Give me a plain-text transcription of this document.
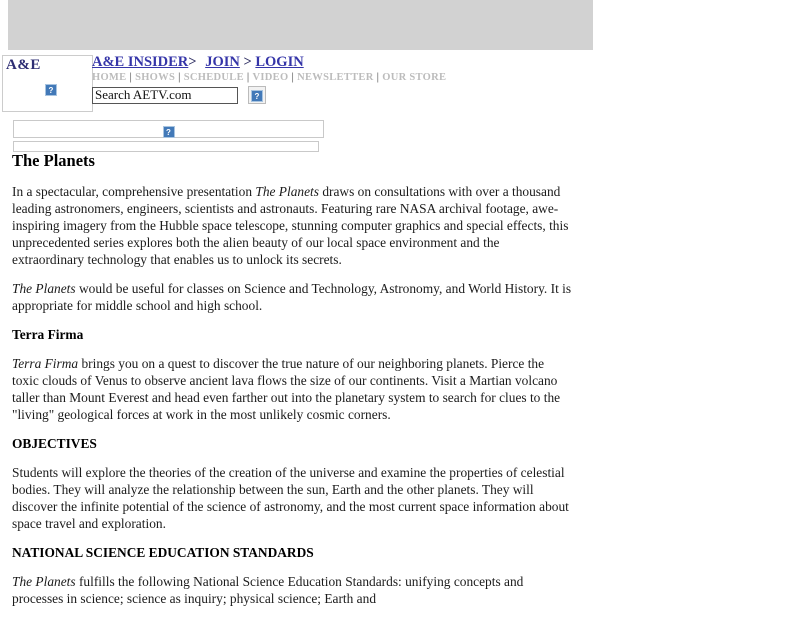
A&E
?
A&E INSIDER> JOIN > LOGIN
HOME | SHOWS | SCHEDULE | VIDEO | NEWSLETTER | OUR STORE
Search AETV.com ?
?
The Planets

In a spectacular, comprehensive presentation The Planets draws on consultations with over a thousand leading astronomers, engineers, scientists and astronauts. Featuring rare NASA archival footage, awe-inspiring imagery from the Hubble space telescope, stunning computer graphics and special effects, this unprecedented series explores both the alien beauty of our local space environment and the extraordinary technology that enables us to unlock its secrets.

The Planets would be useful for classes on Science and Technology, Astronomy, and World History. It is appropriate for middle school and high school.

Terra Firma

Terra Firma brings you on a quest to discover the true nature of our neighboring planets. Pierce the toxic clouds of Venus to observe ancient lava flows the size of our continents. Visit a Martian volcano taller than Mount Everest and head even farther out into the planetary system to search for clues to the "living" geological forces at work in the most unlikely cosmic corners.

OBJECTIVES

Students will explore the theories of the creation of the universe and examine the properties of celestial bodies. They will analyze the relationship between the sun, Earth and the other planets. They will discover the infinite potential of the science of astronomy, and the most current space information about space travel and exploration.

NATIONAL SCIENCE EDUCATION STANDARDS

The Planets fulfills the following National Science Education Standards: unifying concepts and processes in science; science as inquiry; physical science; Earth and
